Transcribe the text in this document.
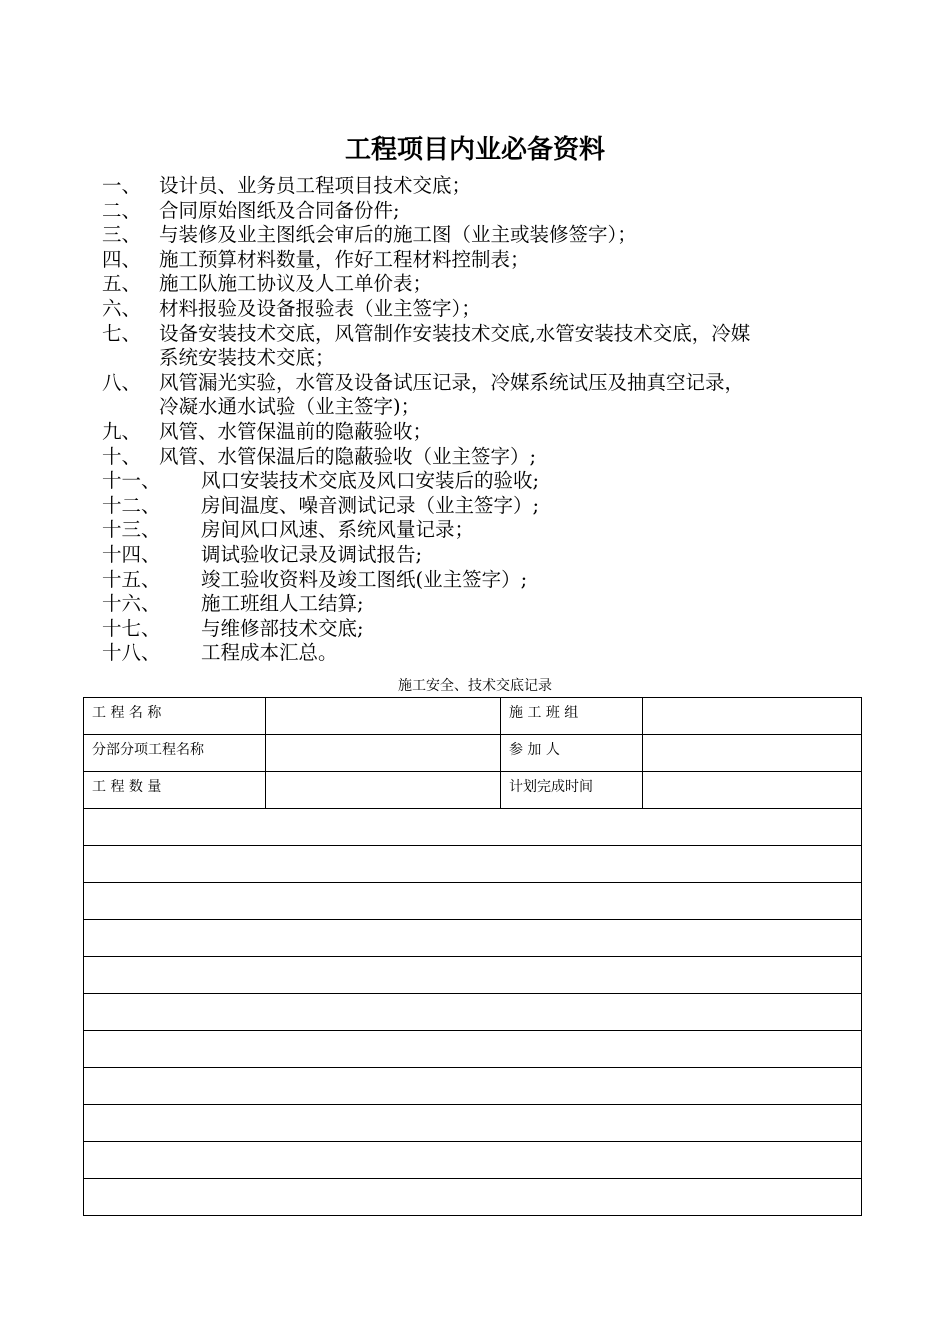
工程项目内业必备资料
一、 设计员、业务员工程项目技术交底；
二、 合同原始图纸及合同备份件;
三、 与装修及业主图纸会审后的施工图（业主或装修签字）；
四、 施工预算材料数量，作好工程材料控制表；
五、 施工队施工协议及人工单价表；
六、 材料报验及设备报验表（业主签字）；
七、 设备安装技术交底，风管制作安装技术交底,水管安装技术交底，冷媒
系统安装技术交底；
八、 风管漏光实验，水管及设备试压记录，冷媒系统试压及抽真空记录，
冷凝水通水试验（业主签字)；
九、 风管、水管保温前的隐蔽验收；
十、 风管、水管保温后的隐蔽验收（业主签字）;
十一、	风口安装技术交底及风口安装后的验收;
十二、	房间温度、噪音测试记录（业主签字）;
十三、	房间风口风速、系统风量记录；
十四、	调试验收记录及调试报告;
十五、	竣工验收资料及竣工图纸(业主签字）;
十六、	施工班组人工结算;
十七、	与维修部技术交底;
十八、	工程成本汇总。
施工安全、技术交底记录
工 程 名 称		施 工 班 组	
分部分项工程名称		参 加 人	
工 程 数 量		计划完成时间	
